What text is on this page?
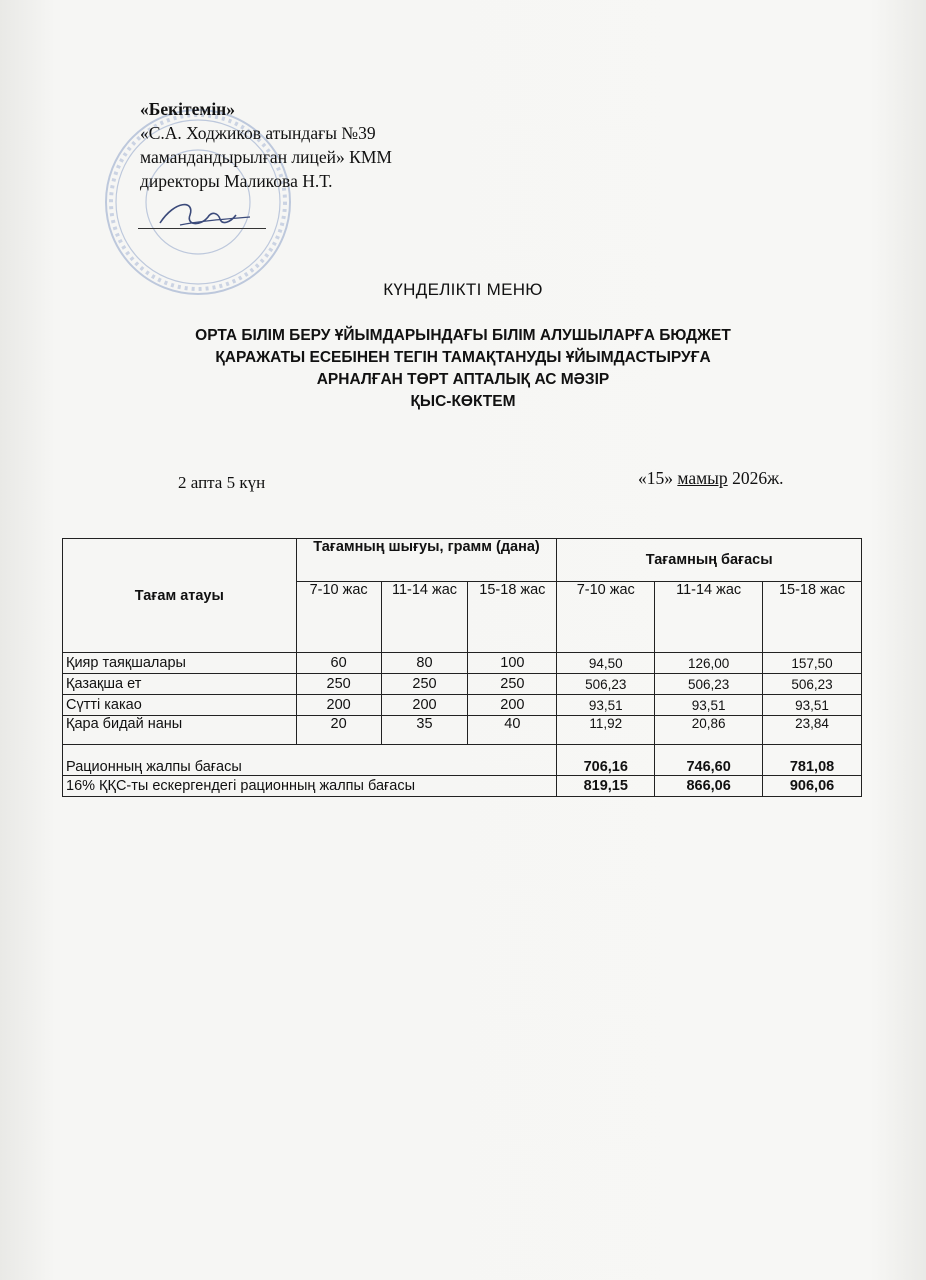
«Бекітемін»
«С.А. Ходжиков атындағы №39
мамандандырылған лицей» КММ
директоры Маликова Н.Т.
КҮНДЕЛІКТІ МЕНЮ
ОРТА БІЛІМ БЕРУ ҰЙЫМДАРЫНДАҒЫ БІЛІМ АЛУШЫЛАРҒА БЮДЖЕТ
ҚАРАЖАТЫ ЕСЕБІНЕН ТЕГІН ТАМАҚТАНУДЫ ҰЙЫМДАСТЫРУҒА
АРНАЛҒАН ТӨРТ АПТАЛЫҚ АС МӘЗІР
ҚЫС-КӨКТЕМ
2 апта 5 күн	«15» мамыр 2026ж.
Тағам атауы	Тағамның шығуы, грамм (дана)			Тағамның бағасы		
	7-10 жас	11-14 жас	15-18 жас	7-10 жас	11-14 жас	15-18 жас
Қияр таяқшалары	60	80	100	94,50	126,00	157,50
Қазақша ет	250	250	250	506,23	506,23	506,23
Сүтті какао	200	200	200	93,51	93,51	93,51
Қара бидай наны	20	35	40	11,92	20,86	23,84
Рационның жалпы бағасы				706,16	746,60	781,08
16% ҚҚС-ты ескергендегі рационның жалпы бағасы				819,15	866,06	906,06
